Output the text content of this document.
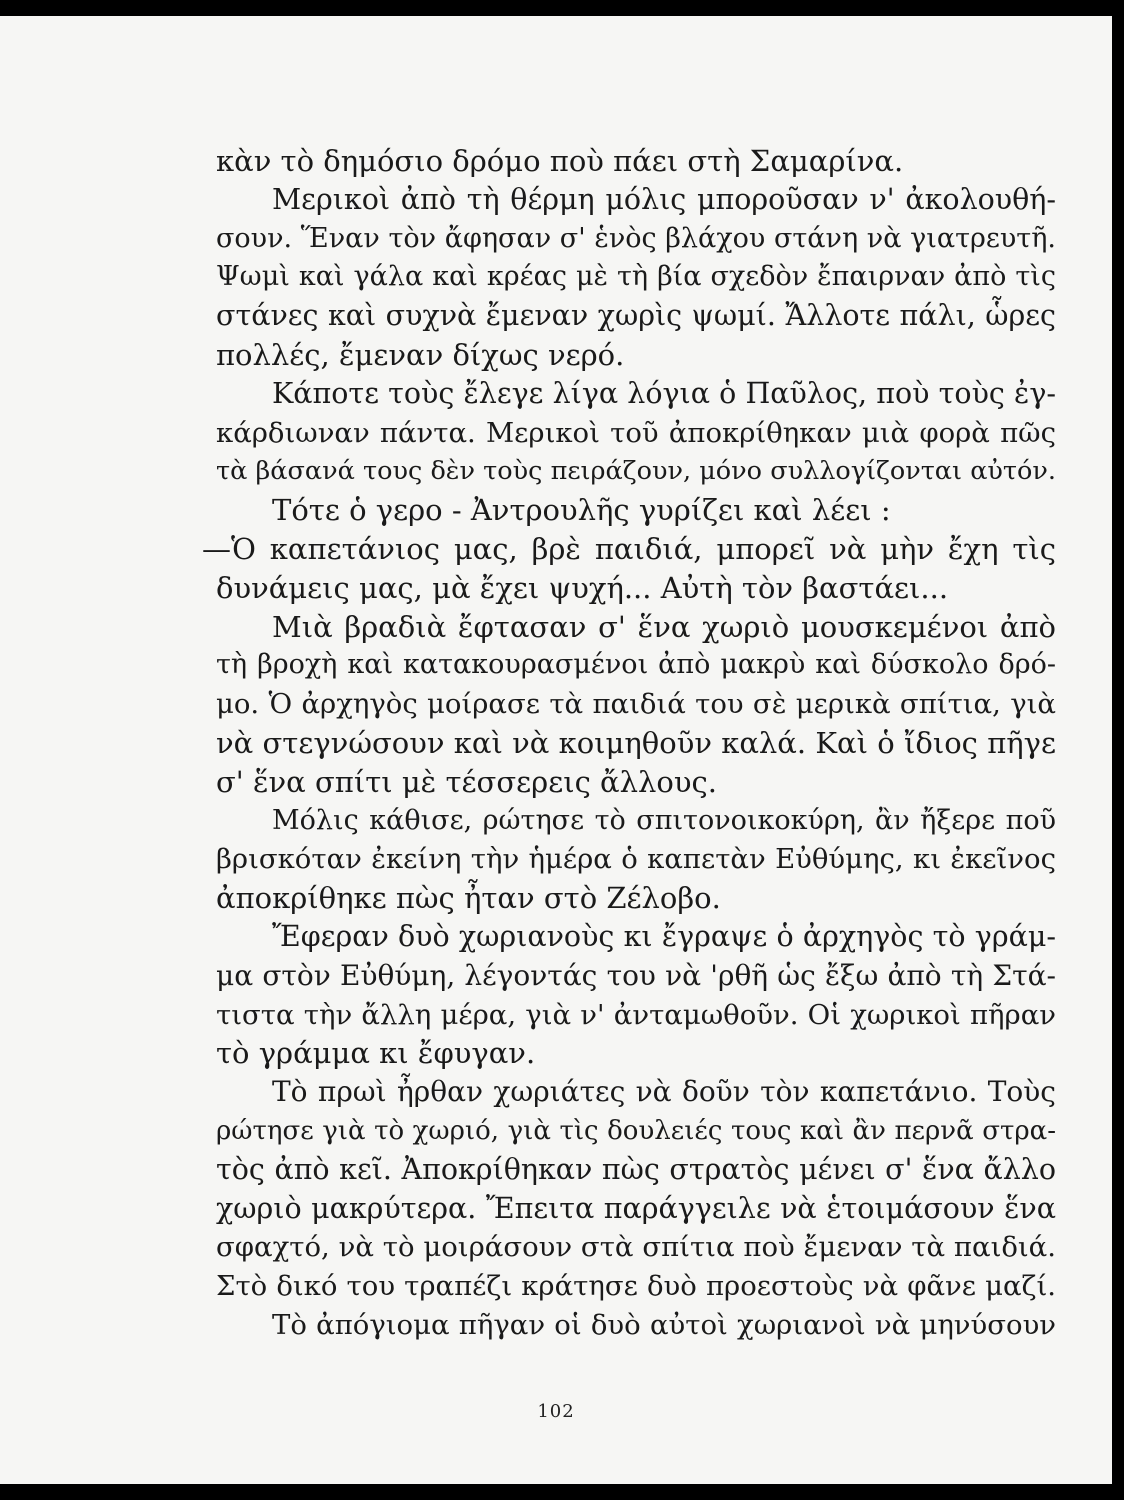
κὰν τὸ δημόσιο δρόμο ποὺ πάει στὴ Σαμαρίνα.
Μερικοὶ ἀπὸ τὴ θέρμη μόλις μποροῦσαν ν' ἀκολουθή-
σουν. Ἕναν τὸν ἄφησαν σ' ἑνὸς βλάχου στάνη νὰ γιατρευτῆ.
Ψωμὶ καὶ γάλα καὶ κρέας μὲ τὴ βία σχεδὸν ἔπαιρναν ἀπὸ τὶς
στάνες καὶ συχνὰ ἔμεναν χωρὶς ψωμί. Ἄλλοτε πάλι, ὧρες
πολλές, ἔμεναν δίχως νερό.
Κάποτε τοὺς ἔλεγε λίγα λόγια ὁ Παῦλος, ποὺ τοὺς ἐγ-
κάρδιωναν πάντα. Μερικοὶ τοῦ ἀποκρίθηκαν μιὰ φορὰ πῶς
τὰ βάσανά τους δὲν τοὺς πειράζουν, μόνο συλλογίζονται αὐτόν.
Τότε ὁ γερο - Ἀντρουλῆς γυρίζει καὶ λέει :
—Ὁ καπετάνιος μας, βρὲ παιδιά, μπορεῖ νὰ μὴν ἔχη τὶς
δυνάμεις μας, μὰ ἔχει ψυχή... Αὐτὴ τὸν βαστάει...
Μιὰ βραδιὰ ἔφτασαν σ' ἕνα χωριὸ μουσκεμένοι ἀπὸ
τὴ βροχὴ καὶ κατακουρασμένοι ἀπὸ μακρὺ καὶ δύσκολο δρό-
μο. Ὁ ἀρχηγὸς μοίρασε τὰ παιδιά του σὲ μερικὰ σπίτια, γιὰ
νὰ στεγνώσουν καὶ νὰ κοιμηθοῦν καλά. Καὶ ὁ ἴδιος πῆγε
σ' ἕνα σπίτι μὲ τέσσερεις ἄλλους.
Μόλις κάθισε, ρώτησε τὸ σπιτονοικοκύρη, ἂν ἤξερε ποῦ
βρισκόταν ἐκείνη τὴν ἡμέρα ὁ καπετὰν Εὐθύμης, κι ἐκεῖνος
ἀποκρίθηκε πὼς ἦταν στὸ Ζέλοβο.
Ἔφεραν δυὸ χωριανοὺς κι ἔγραψε ὁ ἀρχηγὸς τὸ γράμ-
μα στὸν Εὐθύμη, λέγοντάς του νὰ 'ρθῆ ὡς ἔξω ἀπὸ τὴ Στά-
τιστα τὴν ἄλλη μέρα, γιὰ ν' ἀνταμωθοῦν. Οἱ χωρικοὶ πῆραν
τὸ γράμμα κι ἔφυγαν.
Τὸ πρωὶ ἦρθαν χωριάτες νὰ δοῦν τὸν καπετάνιο. Τοὺς
ρώτησε γιὰ τὸ χωριό, γιὰ τὶς δουλειές τους καὶ ἂν περνᾶ στρα-
τὸς ἀπὸ κεῖ. Ἀποκρίθηκαν πὼς στρατὸς μένει σ' ἕνα ἄλλο
χωριὸ μακρύτερα. Ἔπειτα παράγγειλε νὰ ἑτοιμάσουν ἕνα
σφαχτό, νὰ τὸ μοιράσουν στὰ σπίτια ποὺ ἔμεναν τὰ παιδιά.
Στὸ δικό του τραπέζι κράτησε δυὸ προεστοὺς νὰ φᾶνε μαζί.
Τὸ ἀπόγιομα πῆγαν οἱ δυὸ αὐτοὶ χωριανοὶ νὰ μηνύσουν
102
